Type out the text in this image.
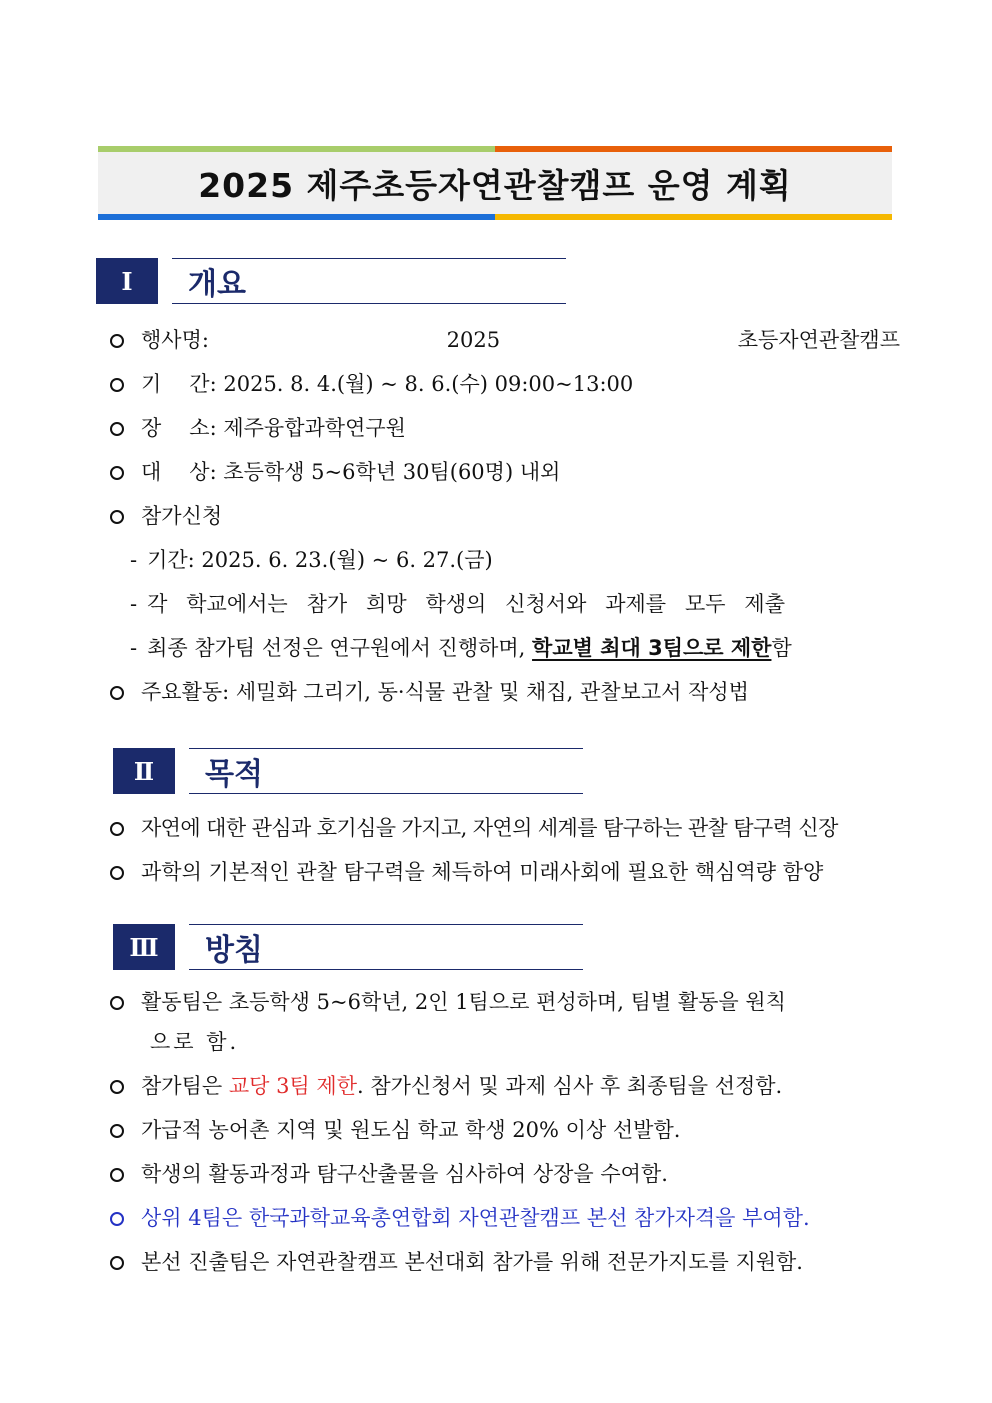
2025 제주초등자연관찰캠프 운영 계획
Ⅰ	개요
행사명:	2025 초등자연관찰캠프
기 간: 2025. 8. 4.(월) ~ 8. 6.(수) 09:00~13:00
장 소: 제주융합과학연구원
대 상: 초등학생 5~6학년 30팀(60명) 내외
참가신청
- 기간: 2025. 6. 23.(월) ~ 6. 27.(금)
- 각 학교에서는 참가 희망 학생의 신청서와 과제를 모두 제출
- 최종 참가팀 선정은 연구원에서 진행하며, 학교별 최대 3팀으로 제한함
주요활동: 세밀화 그리기, 동·식물 관찰 및 채집, 관찰보고서 작성법
Ⅱ	목적
자연에 대한 관심과 호기심을 가지고, 자연의 세계를 탐구하는 관찰 탐구력 신장
과학의 기본적인 관찰 탐구력을 체득하여 미래사회에 필요한 핵심역량 함양
Ⅲ	방침
활동팀은 초등학생 5~6학년, 2인 1팀으로 편성하며, 팀별 활동을 원칙
으로 함.
참가팀은 교당 3팀 제한. 참가신청서 및 과제 심사 후 최종팀을 선정함.
가급적 농어촌 지역 및 원도심 학교 학생 20% 이상 선발함.
학생의 활동과정과 탐구산출물을 심사하여 상장을 수여함.
상위 4팀은 한국과학교육총연합회 자연관찰캠프 본선 참가자격을 부여함.
본선 진출팀은 자연관찰캠프 본선대회 참가를 위해 전문가지도를 지원함.
